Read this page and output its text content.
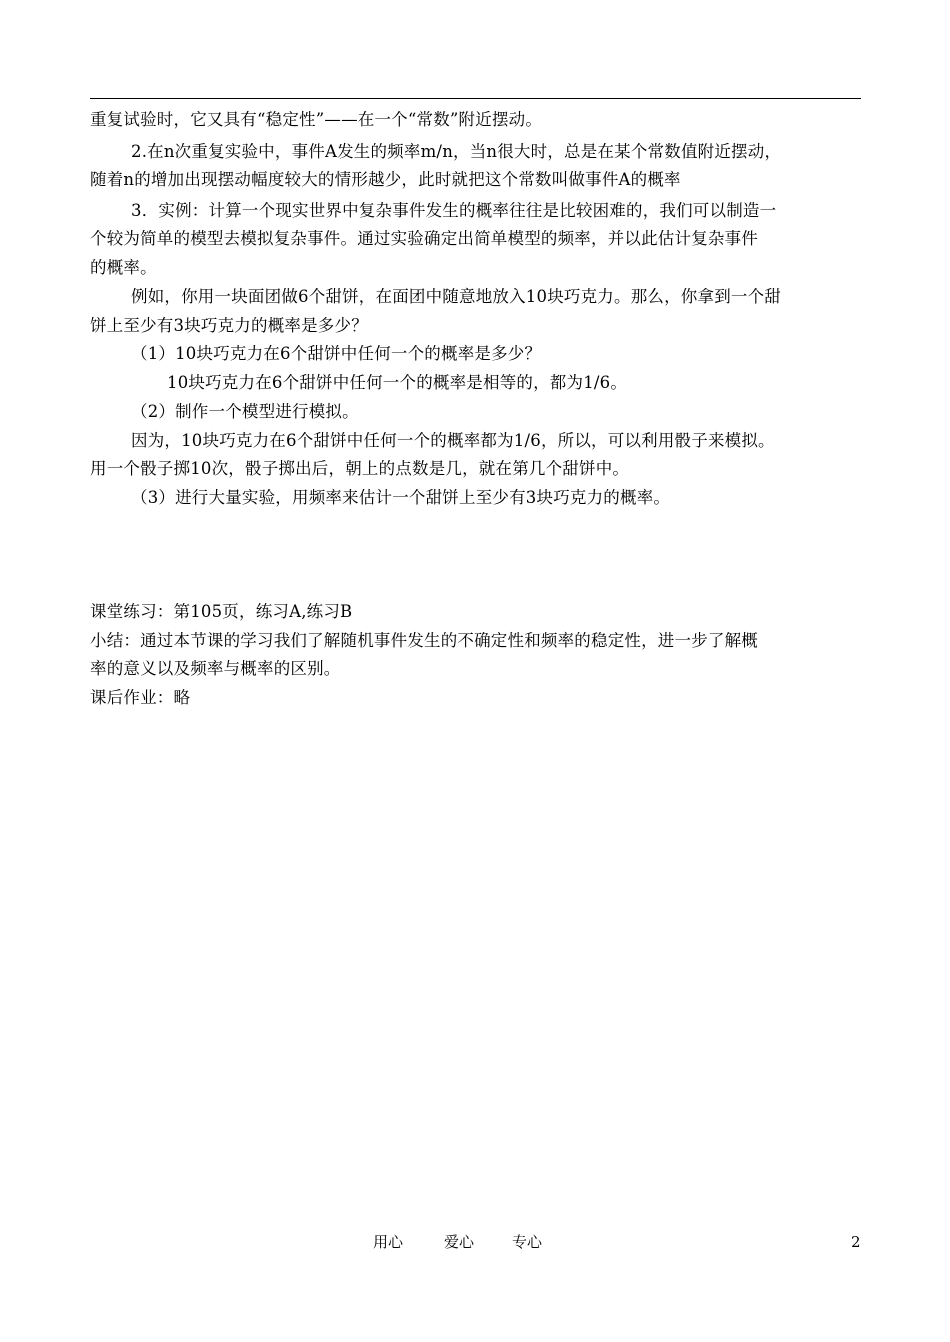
重复试验时，它又具有“稳定性”——在一个“常数”附近摆动。
2.在n次重复实验中，事件A发生的频率m/n，当n很大时，总是在某个常数值附近摆动，
随着n的增加出现摆动幅度较大的情形越少，此时就把这个常数叫做事件A的概率
3．实例：计算一个现实世界中复杂事件发生的概率往往是比较困难的，我们可以制造一
个较为简单的模型去模拟复杂事件。通过实验确定出简单模型的频率，并以此估计复杂事件
的概率。
例如，你用一块面团做6个甜饼，在面团中随意地放入10块巧克力。那么，你拿到一个甜
饼上至少有3块巧克力的概率是多少？
（1）10块巧克力在6个甜饼中任何一个的概率是多少？
10块巧克力在6个甜饼中任何一个的概率是相等的，都为1/6。
（2）制作一个模型进行模拟。
因为，10块巧克力在6个甜饼中任何一个的概率都为1/6，所以，可以利用骰子来模拟。
用一个骰子掷10次，骰子掷出后，朝上的点数是几，就在第几个甜饼中。
（3）进行大量实验，用频率来估计一个甜饼上至少有3块巧克力的概率。
课堂练习：第105页，练习A,练习B
小结：通过本节课的学习我们了解随机事件发生的不确定性和频率的稳定性，进一步了解概
率的意义以及频率与概率的区别。
课后作业：略
用心	爱心	专心	2
